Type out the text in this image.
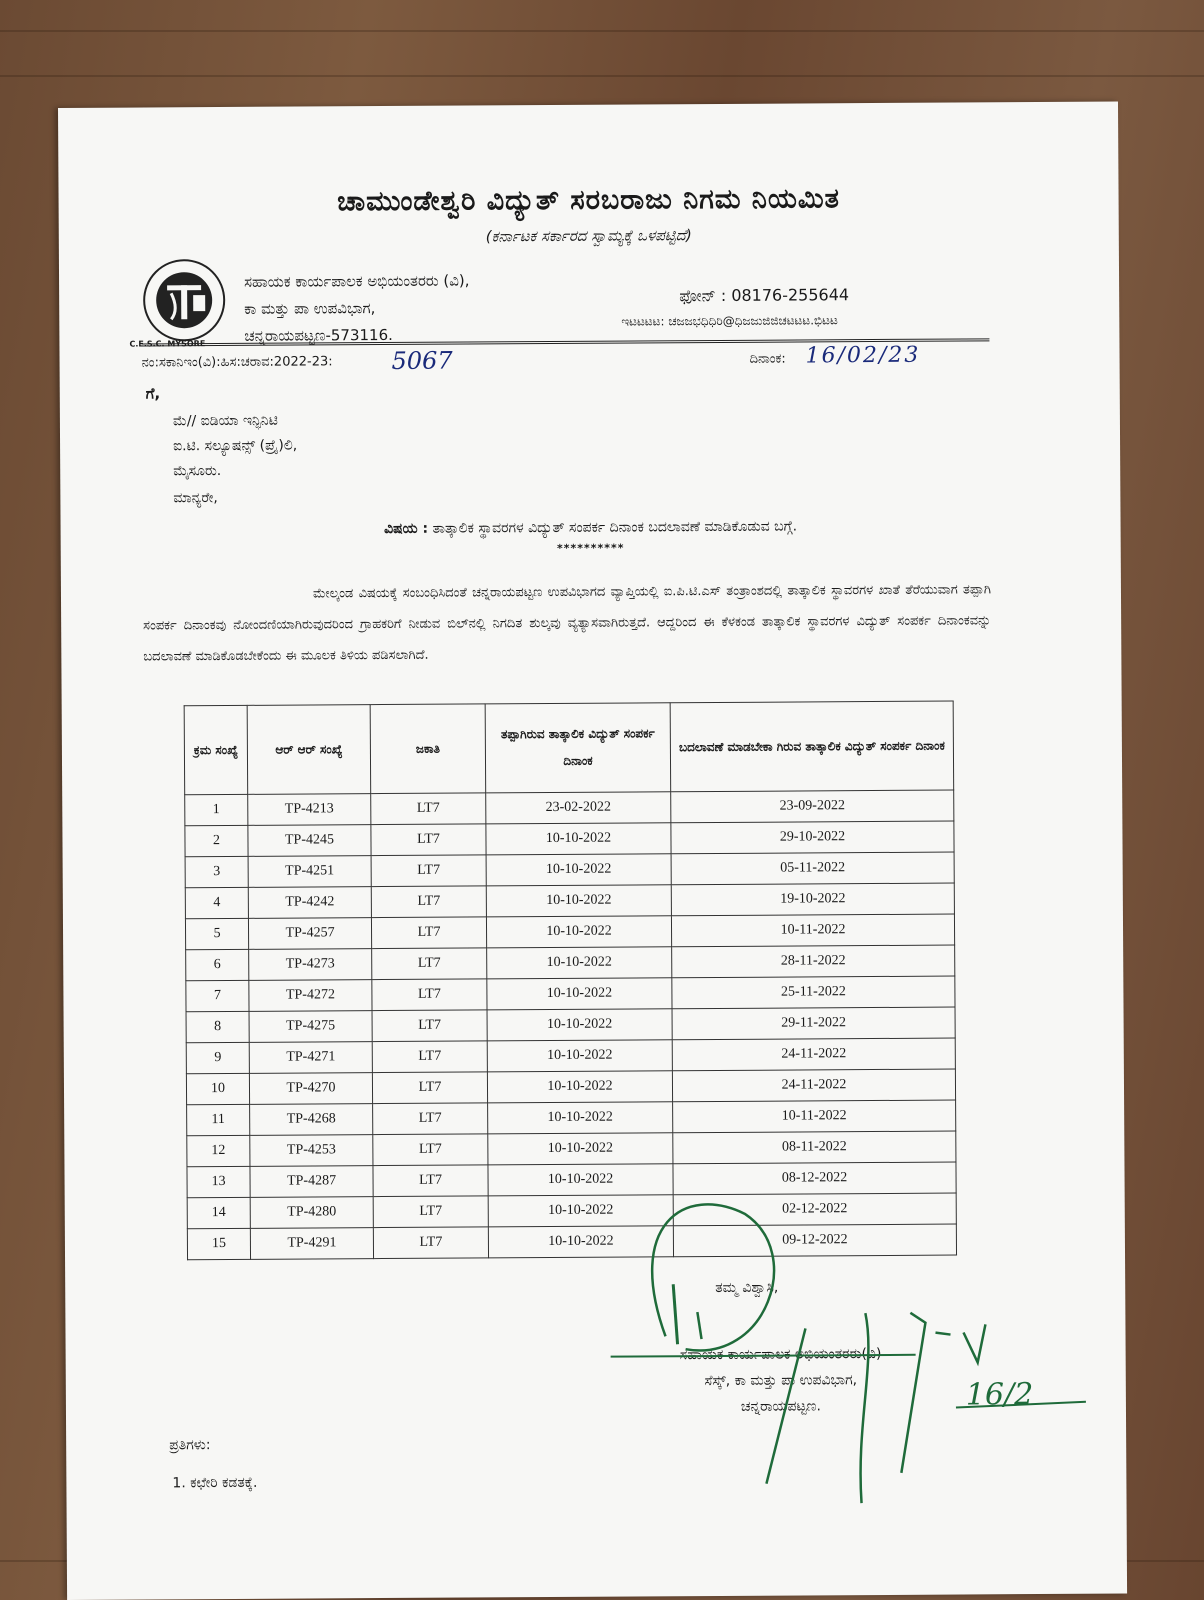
ಚಾಮುಂಡೇಶ್ವರಿ ವಿದ್ಯುತ್ ಸರಬರಾಜು ನಿಗಮ ನಿಯಮಿತ
(ಕರ್ನಾಟಕ ಸರ್ಕಾರದ ಸ್ವಾಮ್ಯಕ್ಕೆ ಒಳಪಟ್ಟಿದೆ)
C.E.S.C. MYSORE
ಸಹಾಯಕ ಕಾರ್ಯಪಾಲಕ ಅಭಿಯಂತರರು (ವಿ),
ಕಾ ಮತ್ತು ಪಾ ಉಪವಿಭಾಗ,
ಚನ್ನರಾಯಪಟ್ಟಣ-573116.
ಫೋನ್ : 08176-255644
ಇಟಟಟಟ: ಚಜಜಭಧಿಧಿರಿ@ಧಿಜಜುಜಿಜಿಚಟಟಟ.ಭಿಟಟ
ನಂ:ಸಕಾನಿಇಂ(ವಿ):ಹಿಸ:ಚರಾವ:2022-23: 5067	ದಿನಾಂಕ: 16/02/23
ಗೆ,
ಮೆ// ಐಡಿಯಾ ಇನ್ಫಿನಿಟಿ
ಐ.ಟಿ. ಸಲ್ಯೂಷನ್ಸ್ (ಪ್ರೈ)ಲಿ,
ಮೈಸೂರು.
ಮಾನ್ಯರೇ,
ವಿಷಯ : ತಾತ್ಕಾಲಿಕ ಸ್ಥಾವರಗಳ ವಿದ್ಯುತ್ ಸಂಪರ್ಕ ದಿನಾಂಕ ಬದಲಾವಣೆ ಮಾಡಿಕೊಡುವ ಬಗ್ಗೆ.
**********
ಮೇಲ್ಕಂಡ ವಿಷಯಕ್ಕೆ ಸಂಬಂಧಿಸಿದಂತೆ ಚನ್ನರಾಯಪಟ್ಟಣ ಉಪವಿಭಾಗದ ವ್ಯಾಪ್ತಿಯಲ್ಲಿ ಐ.ಪಿ.ಟಿ.ಎಸ್ ತಂತ್ರಾಂಶದಲ್ಲಿ ತಾತ್ಕಾಲಿಕ ಸ್ಥಾವರಗಳ ಖಾತೆ ತೆರೆಯುವಾಗ ತಪ್ಪಾಗಿ ಸಂಪರ್ಕ ದಿನಾಂಕವು ನೋಂದಣಿಯಾಗಿರುವುದರಿಂದ ಗ್ರಾಹಕರಿಗೆ ನೀಡುವ ಬಿಲ್‌ನಲ್ಲಿ ನಿಗದಿತ ಶುಲ್ಕವು ವ್ಯತ್ಯಾಸವಾಗಿರುತ್ತದೆ. ಆದ್ದರಿಂದ ಈ ಕೆಳಕಂಡ ತಾತ್ಕಾಲಿಕ ಸ್ಥಾವರಗಳ ವಿದ್ಯುತ್ ಸಂಪರ್ಕ ದಿನಾಂಕವನ್ನು ಬದಲಾವಣೆ ಮಾಡಿಕೊಡಬೇಕೆಂದು ಈ ಮೂಲಕ ತಿಳಿಯ ಪಡಿಸಲಾಗಿದೆ.
ಕ್ರಮ ಸಂಖ್ಯೆ	ಆರ್ ಆರ್ ಸಂಖ್ಯೆ	ಜಕಾತಿ	ತಪ್ಪಾಗಿರುವ ತಾತ್ಕಾಲಿಕ ವಿದ್ಯುತ್ ಸಂಪರ್ಕ ದಿನಾಂಕ	ಬದಲಾವಣೆ ಮಾಡಬೇಕಾ ಗಿರುವ ತಾತ್ಕಾಲಿಕ ವಿದ್ಯುತ್ ಸಂಪರ್ಕ ದಿನಾಂಕ
1	TP-4213	LT7	23-02-2022	23-09-2022
2	TP-4245	LT7	10-10-2022	29-10-2022
3	TP-4251	LT7	10-10-2022	05-11-2022
4	TP-4242	LT7	10-10-2022	19-10-2022
5	TP-4257	LT7	10-10-2022	10-11-2022
6	TP-4273	LT7	10-10-2022	28-11-2022
7	TP-4272	LT7	10-10-2022	25-11-2022
8	TP-4275	LT7	10-10-2022	29-11-2022
9	TP-4271	LT7	10-10-2022	24-11-2022
10	TP-4270	LT7	10-10-2022	24-11-2022
11	TP-4268	LT7	10-10-2022	10-11-2022
12	TP-4253	LT7	10-10-2022	08-11-2022
13	TP-4287	LT7	10-10-2022	08-12-2022
14	TP-4280	LT7	10-10-2022	02-12-2022
15	TP-4291	LT7	10-10-2022	09-12-2022
ತಮ್ಮ ವಿಶ್ವಾಸಿ,
ಸಹಾಯಕ ಕಾರ್ಯಪಾಲಕ ಅಭಿಯಂತರರು(ವಿ)
ಸೆಸ್ಕ್, ಕಾ ಮತ್ತು ಪಾ ಉಪವಿಭಾಗ,
ಚನ್ನರಾಯಪಟ್ಟಣ.	16/2
ಪ್ರತಿಗಳು:
1. ಕಛೇರಿ ಕಡತಕ್ಕೆ.
